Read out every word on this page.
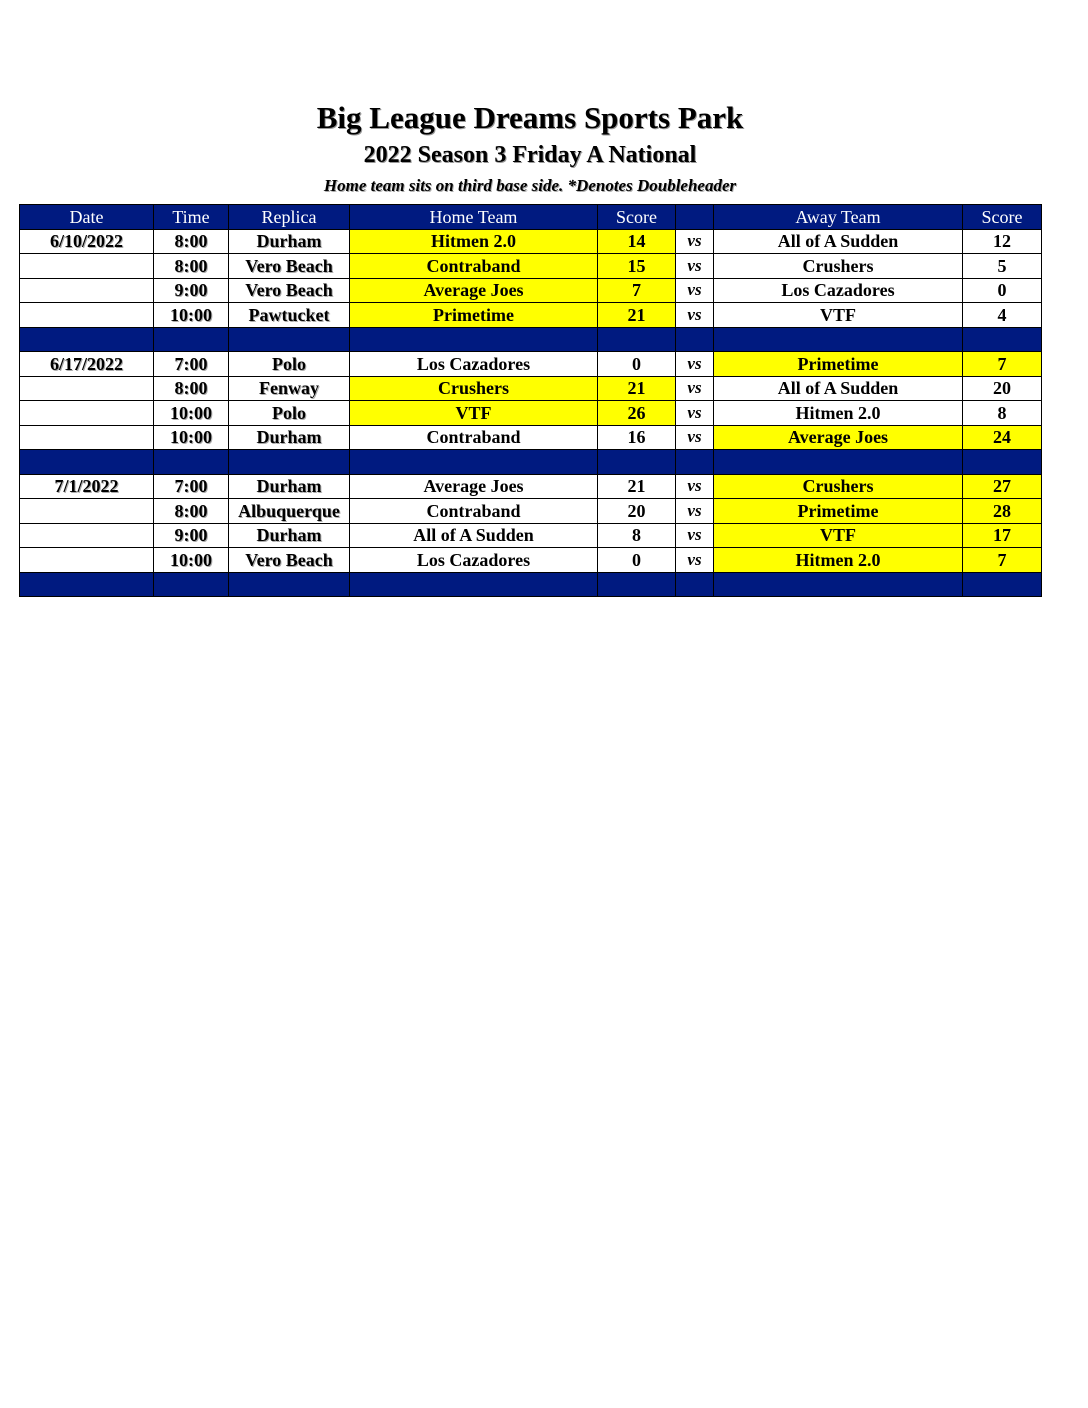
Big League Dreams Sports Park
2022 Season 3 Friday A National
Home team sits on third base side. *Denotes Doubleheader
Date	Time	Replica	Home Team	Score		Away Team	Score
6/10/2022	8:00	Durham	Hitmen 2.0	14	vs	All of A Sudden	12
	8:00	Vero Beach	Contraband	15	vs	Crushers	5
	9:00	Vero Beach	Average Joes	7	vs	Los Cazadores	0
	10:00	Pawtucket	Primetime	21	vs	VTF	4

6/17/2022	7:00	Polo	Los Cazadores	0	vs	Primetime	7
	8:00	Fenway	Crushers	21	vs	All of A Sudden	20
	10:00	Polo	VTF	26	vs	Hitmen 2.0	8
	10:00	Durham	Contraband	16	vs	Average Joes	24

7/1/2022	7:00	Durham	Average Joes	21	vs	Crushers	27
	8:00	Albuquerque	Contraband	20	vs	Primetime	28
	9:00	Durham	All of A Sudden	8	vs	VTF	17
	10:00	Vero Beach	Los Cazadores	0	vs	Hitmen 2.0	7
